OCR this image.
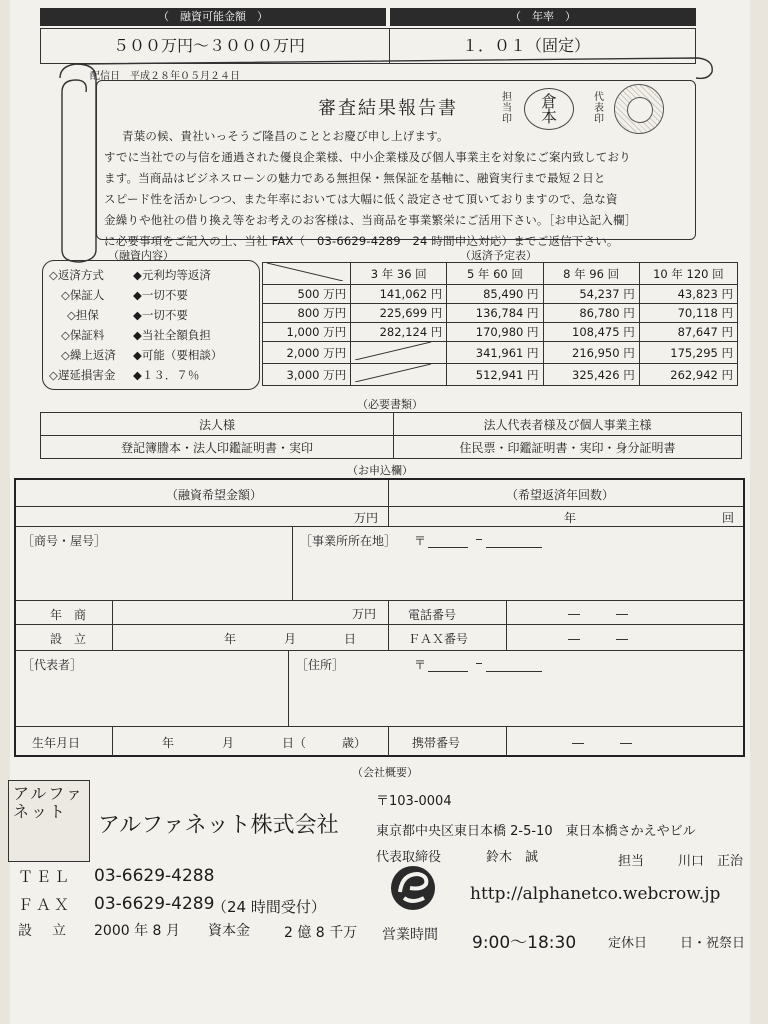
（　融資可能金額　）	（　年率　）
５００万円～３０００万円	１．０１（固定）
配信日　平成２８年０５月２４日
審査結果報告書
担当印
倉本
代表印
青葉の候、貴社いっそうご隆昌のこととお慶び申し上げます。
すでに当社での与信を通過された優良企業様、中小企業様及び個人事業主を対象にご案内致しており
ます。当商品はビジネスローンの魅力である無担保・無保証を基軸に、融資実行まで最短２日と
スピード性を活かしつつ、また年率においては大幅に低く設定させて頂いておりますので、急な資
金繰りや他社の借り換え等をお考えのお客様は、当商品を事業繁栄にご活用下さい。［お申込記入欄］
に必要事項をご記入の上、当社 FAX（　03-6629-4289　24 時間申込対応）までご返信下さい。
（融資内容）
◇返済方式	◆元利均等返済
◇保証人 ◆一切不要
◇担保	◆一切不要
◇保証料 ◆当社全額負担
◇繰上返済 ◆可能（要相談）
◇遅延損害金 ◆１３．７％
（返済予定表）
	3 年 36 回	5 年 60 回	8 年 96 回	10 年 120 回
500 万円	141,062 円	85,490 円	54,237 円	43,823 円
800 万円	225,699 円	136,784 円	86,780 円	70,118 円
1,000 万円	282,124 円	170,980 円	108,475 円	87,647 円
2,000 万円		341,961 円	216,950 円	175,295 円
3,000 万円		512,941 円	325,426 円	262,942 円
（必要書類）
法人様	法人代表者様及び個人事業主様
登記簿謄本・法人印鑑証明書・実印	住民票・印鑑証明書・実印・身分証明書
（お申込欄）
（融資希望金額）	（希望返済年回数）
万円	年	回
［商号・屋号］	［事業所所在地］ 〒
年　商	万円	電話番号	―　　　―
設　立	年　　　　月　　　　日	ＦＡＸ番号	―　　　―
［代表者］	［住所］	〒
生年月日	年　　　　月　　　　日（　　　歳）	携帯番号	―　　　―
（会社概要）
アルファネット
アルファネット株式会社
〒103-0004
東京都中央区東日本橋 2-5-10　東日本橋さかえやビル
代表取締役	鈴木　誠	担当	川口　正治
ＴＥＬ 03-6629-4288
ＦＡＸ 03-6629-4289
（24 時間受付）
営業時間
http://alphanetco.webcrow.jp
設　立 2000 年 8 月 資本金 2 億 8 千万	9:00～18:30 定休日	日・祝祭日
